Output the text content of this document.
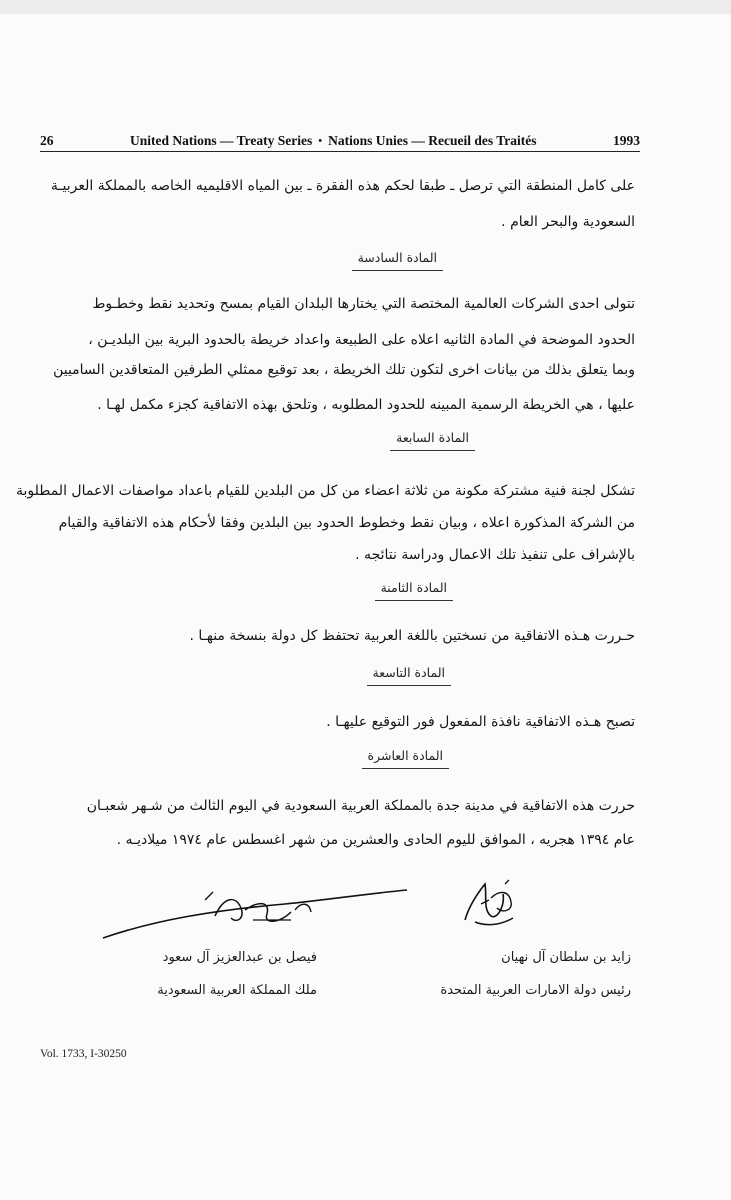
26	United Nations — Treaty Series • Nations Unies — Recueil des Traités	1993
على كامل المنطقة التي ترصل ـ طبقا لحكم هذه الفقرة ـ بين المياه الاقليميه الخاصه بالمملكة العربيـة
السعودية والبحر العام .
المادة السادسة
تتولى احدى الشركات العالمية المختصة التي يختارها البلدان القيام بمسح وتحديد نقط وخطـوط
الحدود الموضحة في المادة الثانيه اعلاه على الطبيعة واعداد خريطة بالحدود البرية بين البلديـن ،
وبما يتعلق بذلك من بيانات اخرى لتكون تلك الخريطة ، بعد توقيع ممثلي الطرفين المتعاقدين الساميين
عليها ، هي الخريطة الرسمية المبينه للحدود المطلوبه ، وتلحق بهذه الاتفاقية كجزء مكمل لهـا .
المادة السابعة
تشكل لجنة فنية مشتركة مكونة من ثلاثة اعضاء من كل من البلدين للقيام باعداد مواصفات الاعمال المطلوبة
من الشركة المذكورة اعلاه ، وبيان نقط وخطوط الحدود بين البلدين وفقا لأحكام هذه الاتفاقية والقيام
بالإشراف على تنفيذ تلك الاعمال ودراسة نتائجه .
المادة الثامنة
حـررت هـذه الاتفاقية من نسختين باللغة العربية تحتفظ كل دولة بنسخة منهـا .
المادة التاسعة
تصبح هـذه الاتفاقية نافذة المفعول فور التوقيع عليهـا .
المادة العاشرة
حررت هذه الاتفاقية في مدينة جدة بالمملكة العربية السعودية في اليوم الثالث من شـهر شعبـان
عام ١٣٩٤ هجريه ، الموافق لليوم الحادى والعشرين من شهر اغسطس عام ١٩٧٤ ميلاديـه .
فيصل بن عبدالعزيز آل سعود
ملك المملكة العربية السعودية
زايد بن سلطان آل نهيان
رئيس دولة الامارات العربية المتحدة
Vol. 1733, I-30250
